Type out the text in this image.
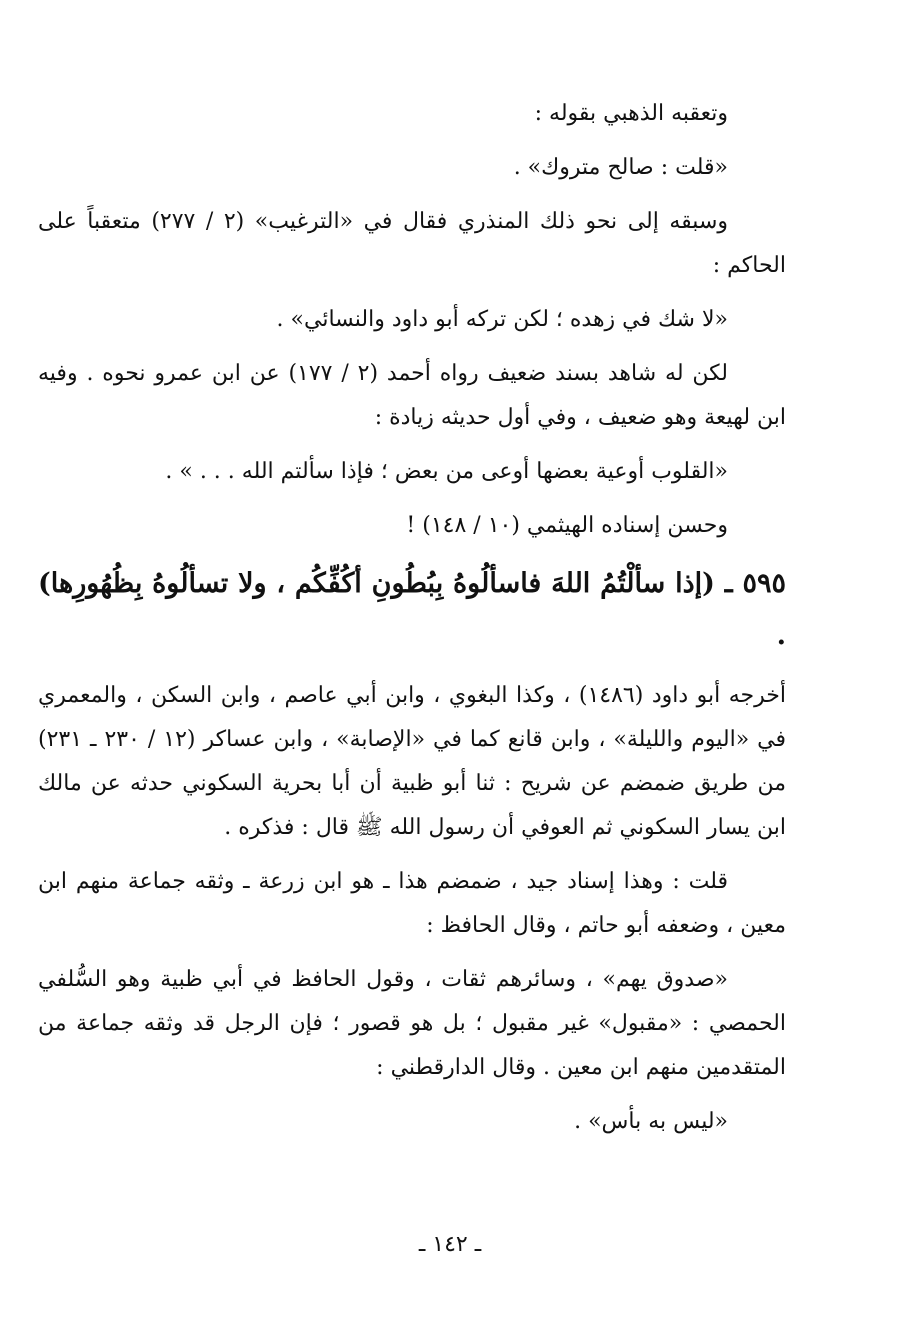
وتعقبه الذهبي بقوله :

«قلت : صالح متروك» .

وسبقه إلى نحو ذلك المنذري فقال في «الترغيب» (٢ / ٢٧٧) متعقباً على الحاكم :

«لا شك في زهده ؛ لكن تركه أبو داود والنسائي» .

لكن له شاهد بسند ضعيف رواه أحمد (٢ / ١٧٧) عن ابن عمرو نحوه . وفيه ابن لهيعة وهو ضعيف ، وفي أول حديثه زيادة :

«القلوب أوعية بعضها أوعى من بعض ؛ فإذا سألتم الله . . . » .

وحسن إسناده الهيثمي (١٠ / ١٤٨) !

٥٩٥ ـ (إذا سألْتُمُ اللهَ فاسألُوهُ بِبُطُونِ أكُفِّكُم ، ولا تسألُوهُ بِظُهُورِها) .

أخرجه أبو داود (١٤٨٦) ، وكذا البغوي ، وابن أبي عاصم ، وابن السكن ، والمعمري في «اليوم والليلة» ، وابن قانع كما في «الإصابة» ، وابن عساكر (١٢ / ٢٣٠ ـ ٢٣١) من طريق ضمضم عن شريح : ثنا أبو ظبية أن أبا بحرية السكوني حدثه عن مالك ابن يسار السكوني ثم العوفي أن رسول الله ﷺ قال : فذكره .

قلت : وهذا إسناد جيد ، ضمضم هذا ـ هو ابن زرعة ـ وثقه جماعة منهم ابن معين ، وضعفه أبو حاتم ، وقال الحافظ :

«صدوق يهم» ، وسائرهم ثقات ، وقول الحافظ في أبي ظبية وهو السُّلفي الحمصي : «مقبول» غير مقبول ؛ بل هو قصور ؛ فإن الرجل قد وثقه جماعة من المتقدمين منهم ابن معين . وقال الدارقطني :

«ليس به بأس» .

ـ ١٤٢ ـ
